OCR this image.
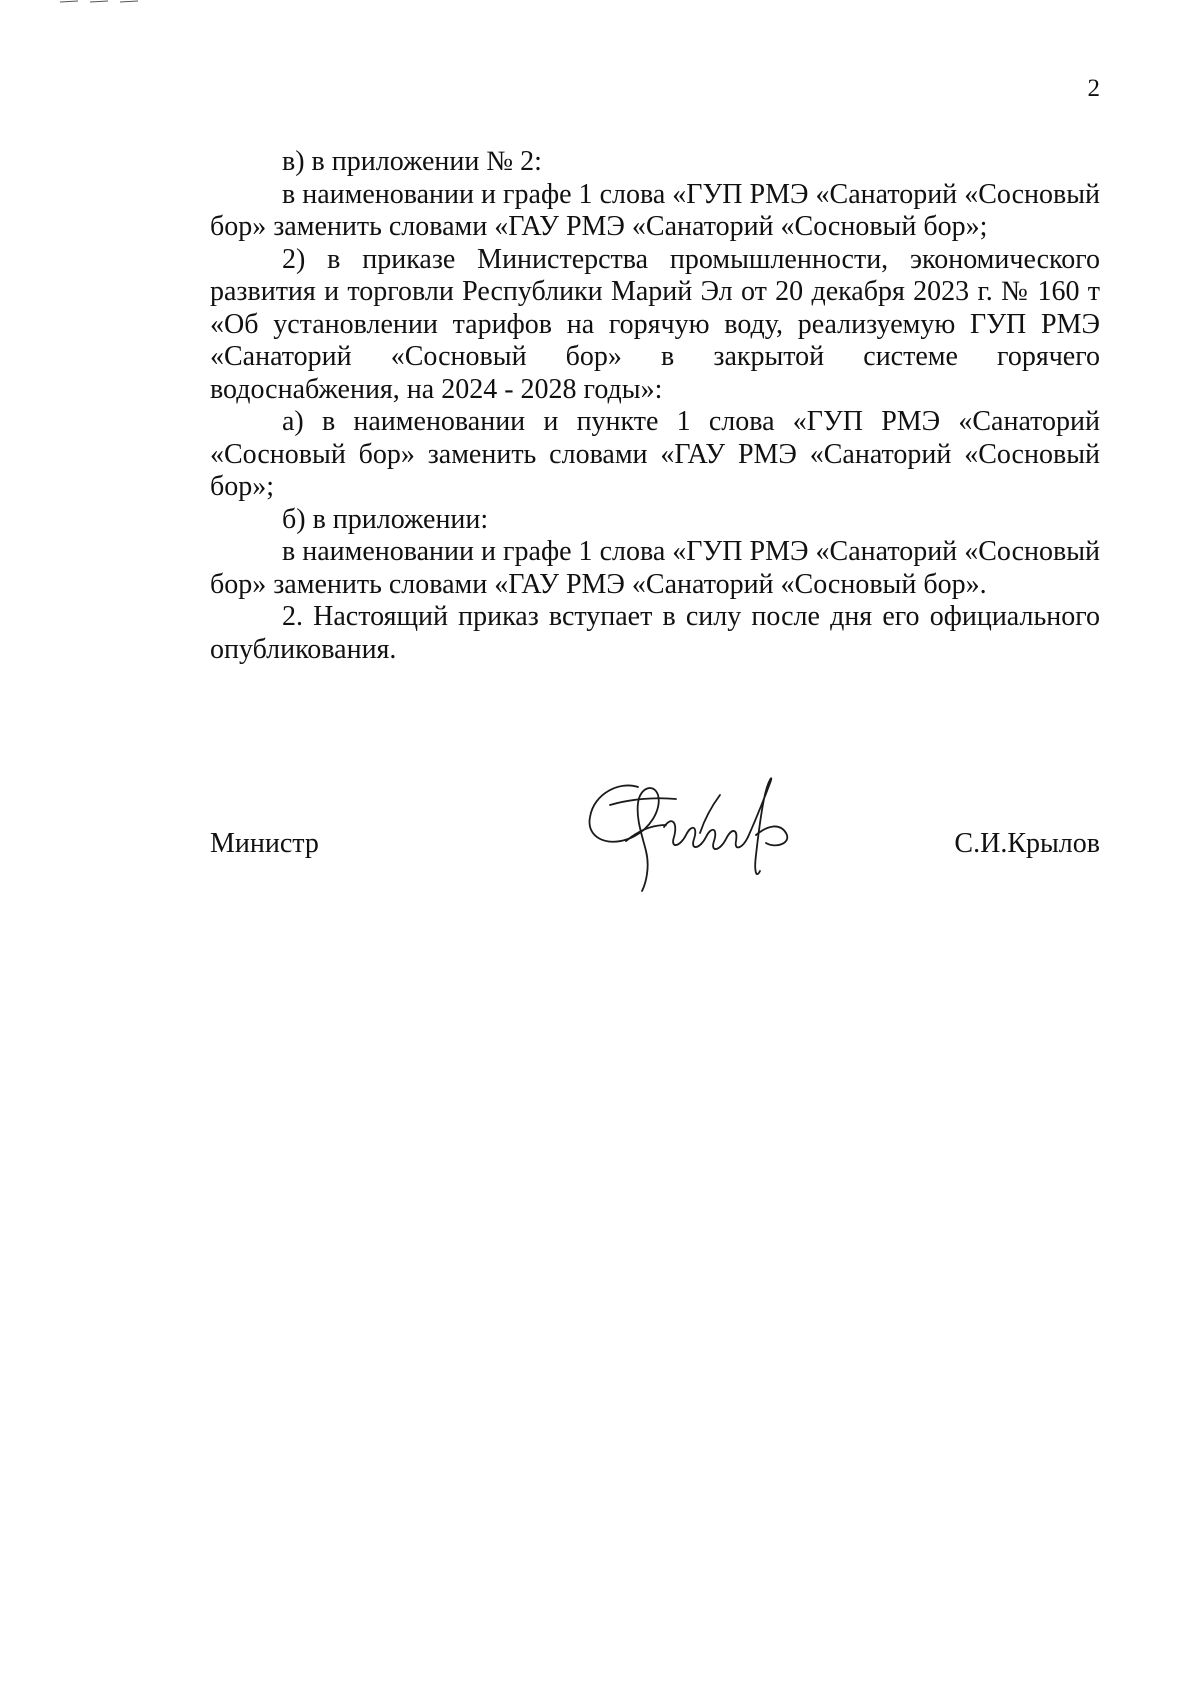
2

в) в приложении № 2:

в наименовании и графе 1 слова «ГУП РМЭ «Санаторий «Сосновый бор» заменить словами «ГАУ РМЭ «Санаторий «Сосновый бор»;

2) в приказе Министерства промышленности, экономического развития и торговли Республики Марий Эл от 20 декабря 2023 г. № 160 т «Об установлении тарифов на горячую воду, реализуемую ГУП РМЭ «Санаторий «Сосновый бор» в закрытой системе горячего водоснабжения, на 2024 - 2028 годы»:

а) в наименовании и пункте 1 слова «ГУП РМЭ «Санаторий «Сосновый бор» заменить словами «ГАУ РМЭ «Санаторий «Сосновый бор»;

б) в приложении:

в наименовании и графе 1 слова «ГУП РМЭ «Санаторий «Сосновый бор» заменить словами «ГАУ РМЭ «Санаторий «Сосновый бор».

2. Настоящий приказ вступает в силу после дня его официального опубликования.

Министр	С.И.Крылов
